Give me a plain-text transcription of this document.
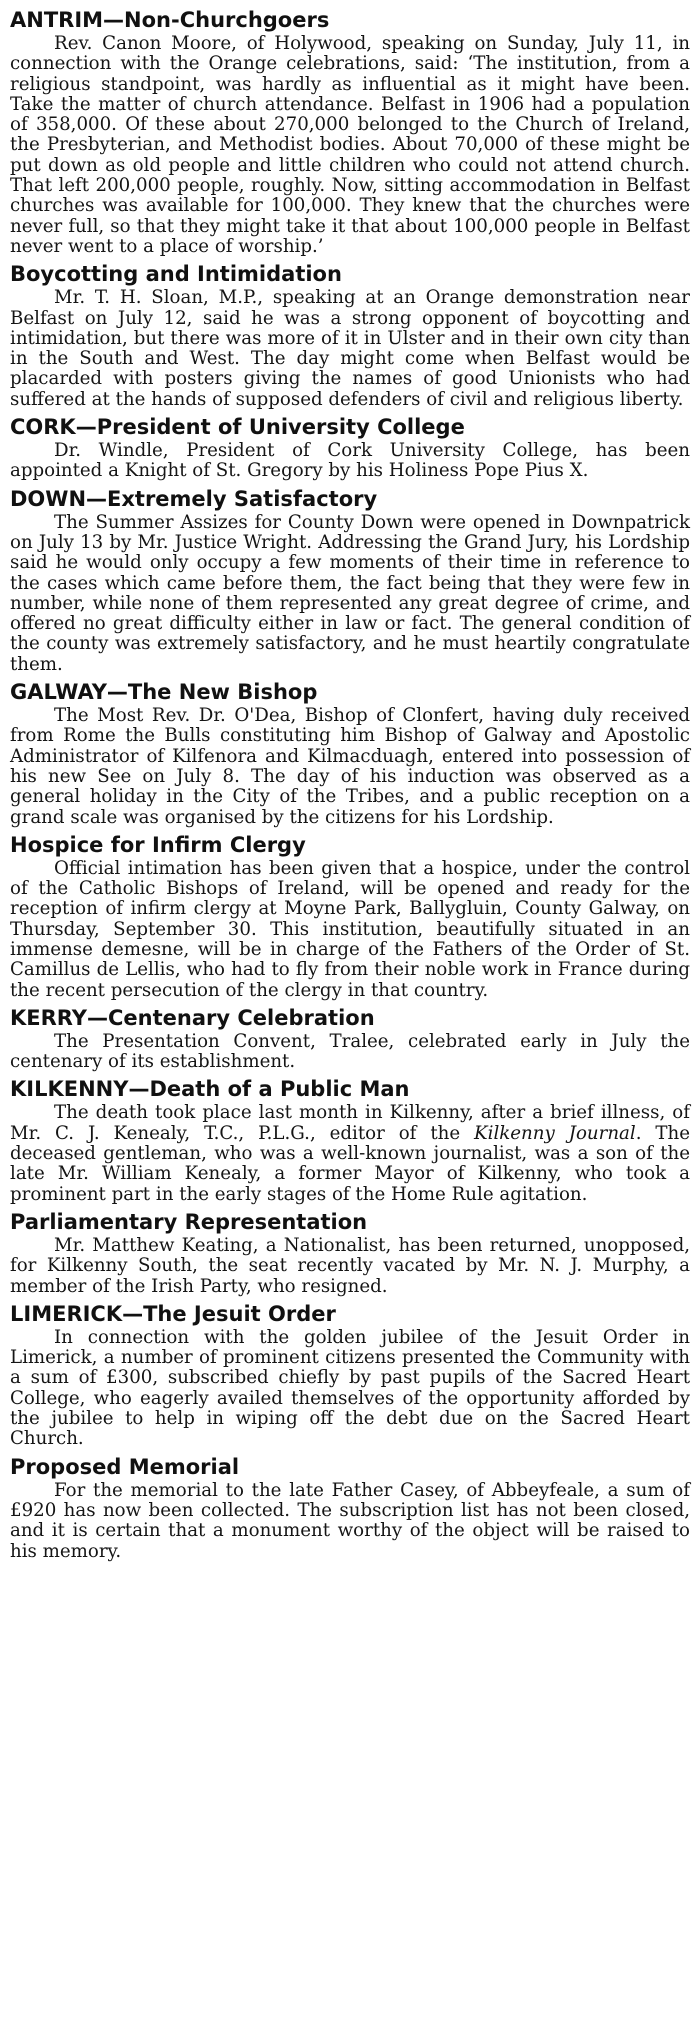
ANTRIM—Non-Churchgoers

Rev. Canon Moore, of Holywood, speaking on Sunday, July 11, in connection with the Orange celebrations, said: ‘The institution, from a religious standpoint, was hardly as influential as it might have been. Take the matter of church attendance. Belfast in 1906 had a population of 358,000. Of these about 270,000 belonged to the Church of Ireland, the Presbyterian, and Methodist bodies. About 70,000 of these might be put down as old people and little children who could not attend church. That left 200,000 people, roughly. Now, sitting accommodation in Belfast churches was available for 100,000. They knew that the churches were never full, so that they might take it that about 100,000 people in Belfast never went to a place of worship.’

Boycotting and Intimidation

Mr. T. H. Sloan, M.P., speaking at an Orange demonstration near Belfast on July 12, said he was a strong opponent of boycotting and intimidation, but there was more of it in Ulster and in their own city than in the South and West. The day might come when Belfast would be placarded with posters giving the names of good Unionists who had suffered at the hands of supposed defenders of civil and religious liberty.

CORK—President of University College

Dr. Windle, President of Cork University College, has been appointed a Knight of St. Gregory by his Holiness Pope Pius X.

DOWN—Extremely Satisfactory

The Summer Assizes for County Down were opened in Downpatrick on July 13 by Mr. Justice Wright. Addressing the Grand Jury, his Lordship said he would only occupy a few moments of their time in reference to the cases which came before them, the fact being that they were few in number, while none of them represented any great degree of crime, and offered no great difficulty either in law or fact. The general condition of the county was extremely satisfactory, and he must heartily congratulate them.

GALWAY—The New Bishop

The Most Rev. Dr. O'Dea, Bishop of Clonfert, having duly received from Rome the Bulls constituting him Bishop of Galway and Apostolic Administrator of Kilfenora and Kilmacduagh, entered into possession of his new See on July 8. The day of his induction was observed as a general holiday in the City of the Tribes, and a public reception on a grand scale was organised by the citizens for his Lordship.

Hospice for Infirm Clergy

Official intimation has been given that a hospice, under the control of the Catholic Bishops of Ireland, will be opened and ready for the reception of infirm clergy at Moyne Park, Ballygluin, County Galway, on Thursday, September 30. This institution, beautifully situated in an immense demesne, will be in charge of the Fathers of the Order of St. Camillus de Lellis, who had to fly from their noble work in France during the recent persecution of the clergy in that country.

KERRY—Centenary Celebration

The Presentation Convent, Tralee, celebrated early in July the centenary of its establishment.

KILKENNY—Death of a Public Man

The death took place last month in Kilkenny, after a brief illness, of Mr. C. J. Kenealy, T.C., P.L.G., editor of the Kilkenny Journal. The deceased gentleman, who was a well-known journalist, was a son of the late Mr. William Kenealy, a former Mayor of Kilkenny, who took a prominent part in the early stages of the Home Rule agitation.

Parliamentary Representation

Mr. Matthew Keating, a Nationalist, has been returned, unopposed, for Kilkenny South, the seat recently vacated by Mr. N. J. Murphy, a member of the Irish Party, who resigned.

LIMERICK—The Jesuit Order

In connection with the golden jubilee of the Jesuit Order in Limerick, a number of prominent citizens presented the Community with a sum of £300, subscribed chiefly by past pupils of the Sacred Heart College, who eagerly availed themselves of the opportunity afforded by the jubilee to help in wiping off the debt due on the Sacred Heart Church.

Proposed Memorial

For the memorial to the late Father Casey, of Abbeyfeale, a sum of £920 has now been collected. The subscription list has not been closed, and it is certain that a monument worthy of the object will be raised to his memory.
